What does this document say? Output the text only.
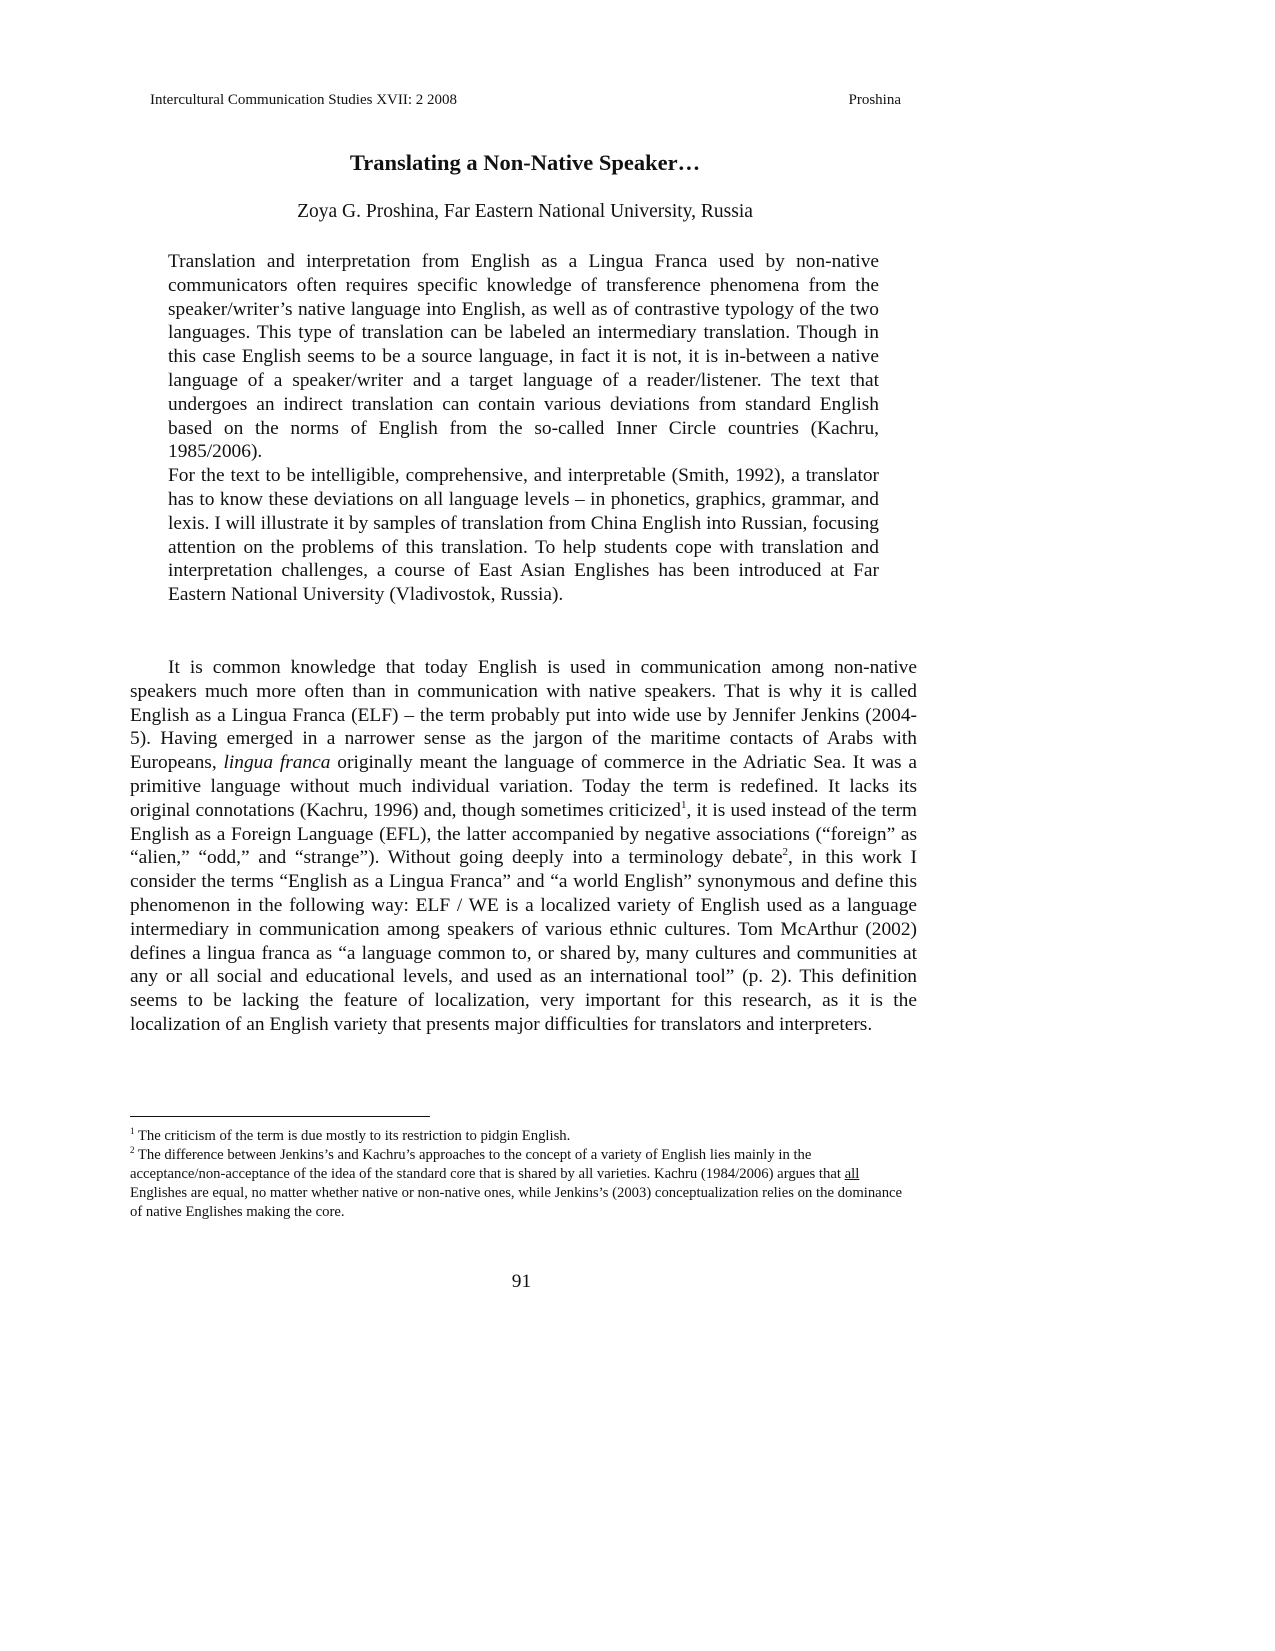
Intercultural Communication Studies XVII: 2 2008	Proshina
Translating a Non-Native Speaker…
Zoya G. Proshina, Far Eastern National University, Russia

Translation and interpretation from English as a Lingua Franca used by non-native communicators often requires specific knowledge of transference phenomena from the speaker/writer’s native language into English, as well as of contrastive typology of the two languages. This type of translation can be labeled an intermediary translation. Though in this case English seems to be a source language, in fact it is not, it is in-between a native language of a speaker/writer and a target language of a reader/listener. The text that undergoes an indirect translation can contain various deviations from standard English based on the norms of English from the so-called Inner Circle countries (Kachru, 1985/2006).

For the text to be intelligible, comprehensive, and interpretable (Smith, 1992), a translator has to know these deviations on all language levels – in phonetics, graphics, grammar, and lexis. I will illustrate it by samples of translation from China English into Russian, focusing attention on the problems of this translation. To help students cope with translation and interpretation challenges, a course of East Asian Englishes has been introduced at Far Eastern National University (Vladivostok, Russia).

It is common knowledge that today English is used in communication among non-native speakers much more often than in communication with native speakers. That is why it is called English as a Lingua Franca (ELF) – the term probably put into wide use by Jennifer Jenkins (2004-5). Having emerged in a narrower sense as the jargon of the maritime contacts of Arabs with Europeans, lingua franca originally meant the language of commerce in the Adriatic Sea. It was a primitive language without much individual variation. Today the term is redefined. It lacks its original connotations (Kachru, 1996) and, though sometimes criticized$^1$, it is used instead of the term English as a Foreign Language (EFL), the latter accompanied by negative associations (“foreign” as “alien,” “odd,” and “strange”). Without going deeply into a terminology debate$^2$, in this work I consider the terms “English as a Lingua Franca” and “a world English” synonymous and define this phenomenon in the following way: ELF / WE is a localized variety of English used as a language intermediary in communication among speakers of various ethnic cultures. Tom McArthur (2002) defines a lingua franca as “a language common to, or shared by, many cultures and communities at any or all social and educational levels, and used as an international tool” (p. 2). This definition seems to be lacking the feature of localization, very important for this research, as it is the localization of an English variety that presents major difficulties for translators and interpreters.

$^1$ The criticism of the term is due mostly to its restriction to pidgin English.

$^2$ The difference between Jenkins’s and Kachru’s approaches to the concept of a variety of English lies mainly in the acceptance/non-acceptance of the idea of the standard core that is shared by all varieties. Kachru (1984/2006) argues that all Englishes are equal, no matter whether native or non-native ones, while Jenkins’s (2003) conceptualization relies on the dominance of native Englishes making the core.

91
